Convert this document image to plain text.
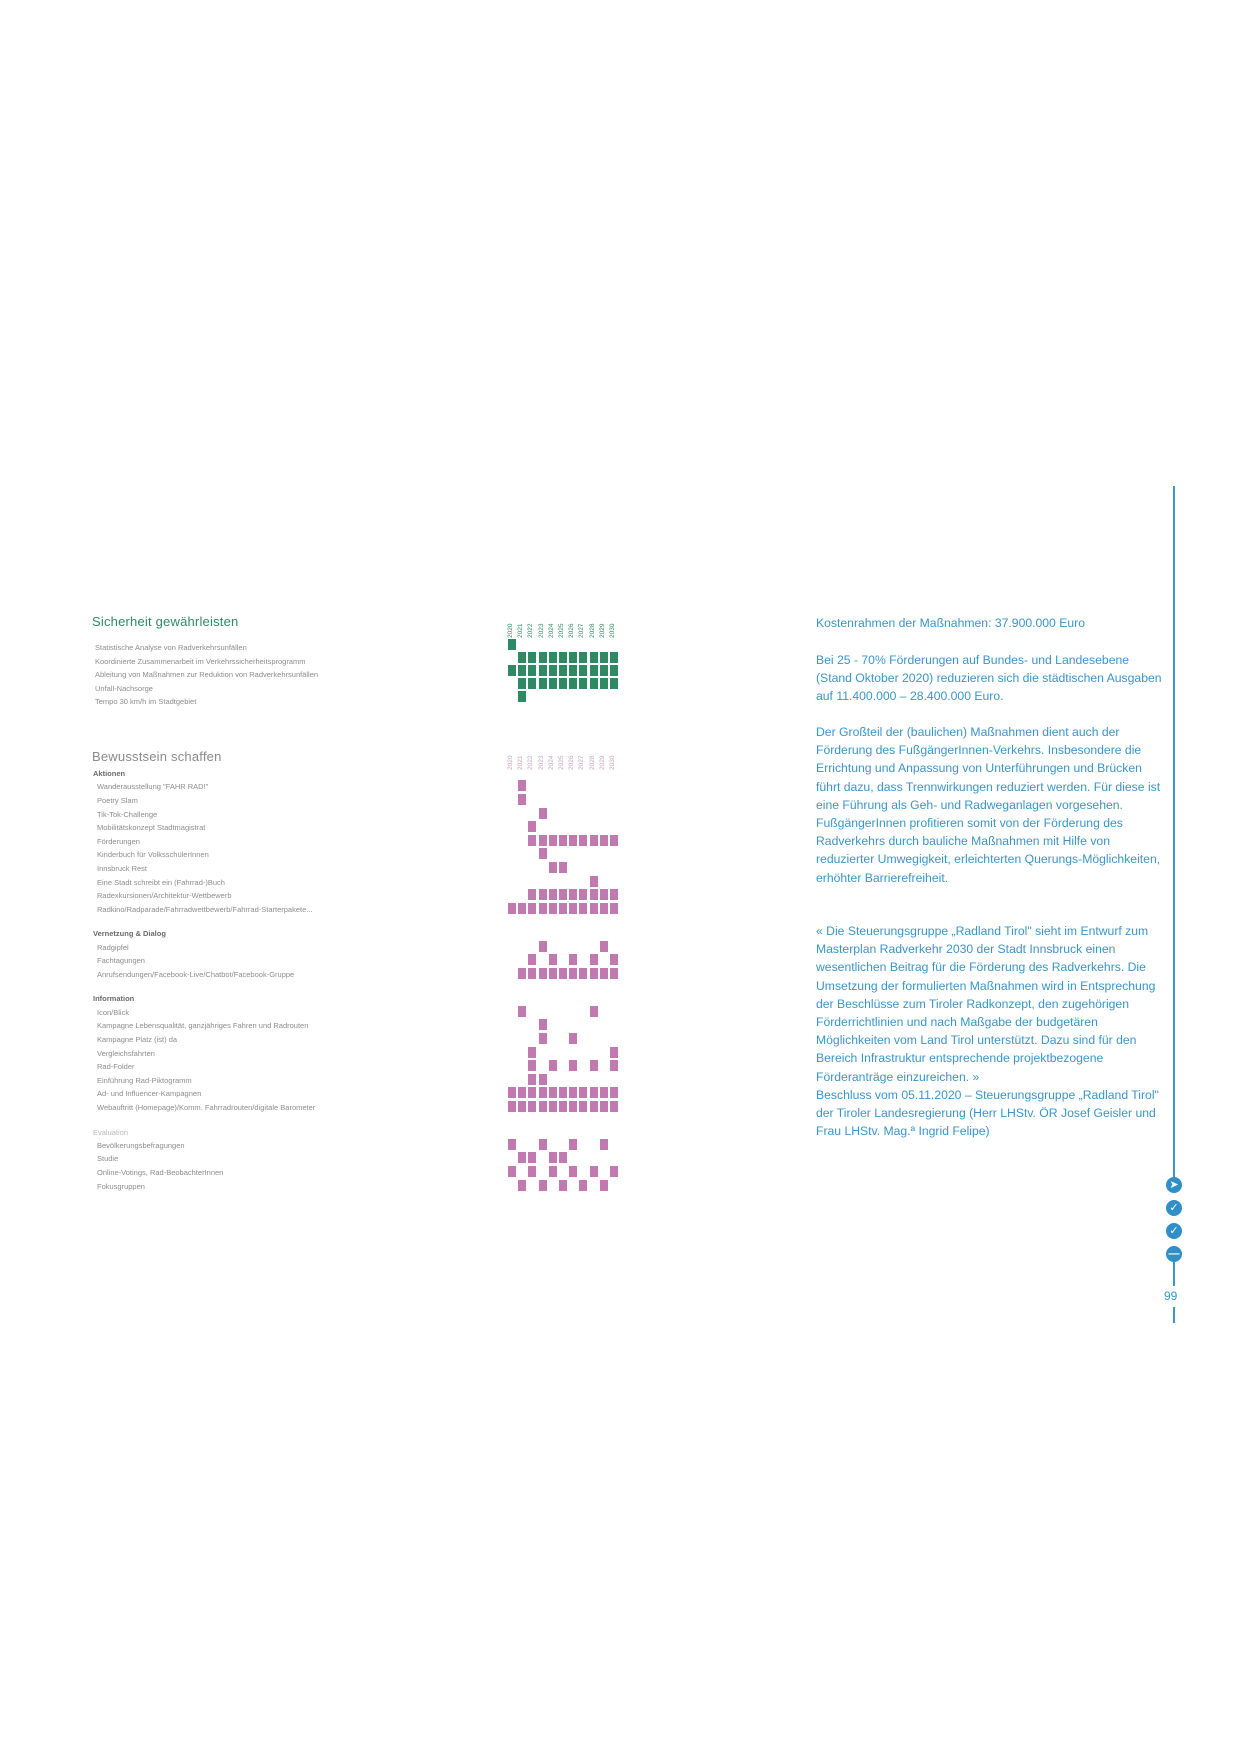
Sicherheit gewährleisten
Statistische Analyse von Radverkehrsunfällen
Koordinierte Zusammenarbeit im Verkehrssicherheitsprogramm
Ableitung von Maßnahmen zur Reduktion von Radverkehrsunfällen
Unfall-Nachsorge
Tempo 30 km/h im Stadtgebiet
2020 2021 2022 2023 2024 2025 2026 2027 2028 2029 2030
Bewusstsein schaffen
Aktionen
Wanderausstellung "FAHR RAD!"
Poetry Slam
Tik-Tok-Challenge
Mobilitätskonzept Stadtmagistrat
Förderungen
Kinderbuch für VolksschülerInnen
Innsbruck Rest
Eine Stadt schreibt ein (Fahrrad-)Buch
Radexkursionen/Architektur-Wettbewerb
Radkino/Radparade/Fahrradwettbewerb/Fahrrad-Starterpakete...
Vernetzung & Dialog
Radgipfel
Fachtagungen
Anrufsendungen/Facebook-Live/Chatbot/Facebook-Gruppe
Information
Icon/Blick
Kampagne Lebensqualität, ganzjähriges Fahren und Radrouten
Kampagne Platz (ist) da
Vergleichsfahrten
Rad-Folder
Einführung Rad-Piktogramm
Ad- und Influencer-Kampagnen
Webauftritt (Homepage)/Komm. Fahrradrouten/digitale Barometer
Evaluation
Bevölkerungsbefragungen
Studie
Online-Votings, Rad-BeobachterInnen
Fokusgruppen
2020 2021 2022 2023 2024 2025 2026 2027 2028 2029 2030

Kostenrahmen der Maßnahmen: 37.900.000 Euro

Bei 25 - 70% Förderungen auf Bundes- und Landesebene (Stand Oktober 2020) reduzieren sich die städtischen Ausgaben auf 11.400.000 – 28.400.000 Euro.

Der Großteil der (baulichen) Maßnahmen dient auch der Förderung des FußgängerInnen-Verkehrs. Insbesondere die Errichtung und Anpassung von Unterführungen und Brücken führt dazu, dass Trennwirkungen reduziert werden. Für diese ist eine Führung als Geh- und Radweganlagen vorgesehen. FußgängerInnen profitieren somit von der Förderung des Radverkehrs durch bauliche Maßnahmen mit Hilfe von reduzierter Umwegigkeit, erleichterten Querungs-Möglichkeiten, erhöhter Barrierefreiheit.

« Die Steuerungsgruppe „Radland Tirol" sieht im Entwurf zum Masterplan Radverkehr 2030 der Stadt Innsbruck einen wesentlichen Beitrag für die Förderung des Radverkehrs. Die Umsetzung der formulierten Maßnahmen wird in Entsprechung der Beschlüsse zum Tiroler Radkonzept, den zugehörigen Förderrichtlinien und nach Maßgabe der budgetären Möglichkeiten vom Land Tirol unterstützt. Dazu sind für den Bereich Infrastruktur entsprechende projektbezogene Förderanträge einzureichen. »

Beschluss vom 05.11.2020 – Steuerungsgruppe „Radland Tirol" der Tiroler Landesregierung (Herr LHStv. ÖR Josef Geisler und Frau LHStv. Mag.ª Ingrid Felipe)

➤
✓
✓
—
99
